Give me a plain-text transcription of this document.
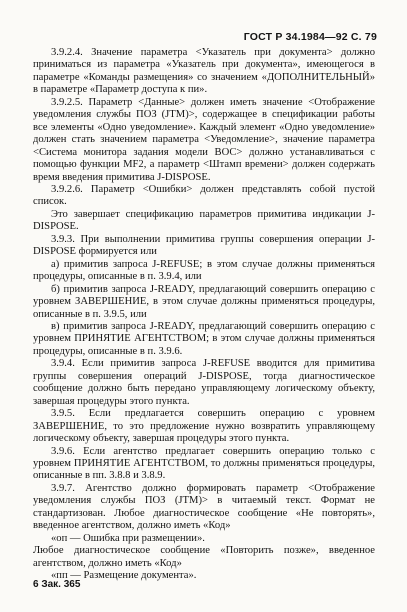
ГОСТ Р 34.1984—92 С. 79

3.9.2.4. Значение параметра <Указатель при документа> должно приниматься из параметра «Указатель при документа», имеющегося в параметре «Команды размещения» со значением «ДОПОЛНИТЕЛЬНЫЙ» в параметре «Параметр доступа к пи».

3.9.2.5. Параметр <Данные> должен иметь значение <Отображение уведомления службы ПОЗ (JTM)>, содержащее в спецификации работы все элементы «Одно уведомление». Каждый элемент «Одно уведомление» должен стать значением параметра <Уведомление>, значение параметра <Система монитора задания модели ВОС> должно устанавливаться с помощью функции MF2, а параметр <Штамп времени> должен содержать время введения примитива J-DISPOSE.

3.9.2.6. Параметр <Ошибки> должен представлять собой пустой список.

Это завершает спецификацию параметров примитива индикации J-DISPOSE.

3.9.3. При выполнении примитива группы совершения операции J-DISPOSE формируется или

а) примитив запроса J-REFUSE; в этом случае должны применяться процедуры, описанные в п. 3.9.4, или

б) примитив запроса J-READY, предлагающий совершить операцию с уровнем ЗАВЕРШЕНИЕ, в этом случае должны применяться процедуры, описанные в п. 3.9.5, или

в) примитив запроса J-READY, предлагающий совершить операцию с уровнем ПРИНЯТИЕ АГЕНТСТВОМ; в этом случае должны применяться процедуры, описанные в п. 3.9.6.

3.9.4. Если примитив запроса J-REFUSE вводится для примитива группы совершения операций J-DISPOSE, тогда диагностическое сообщение должно быть передано управляющему логическому объекту, завершая процедуры этого пункта.

3.9.5. Если предлагается совершить операцию с уровнем ЗАВЕРШЕНИЕ, то это предложение нужно возвратить управляющему логическому объекту, завершая процедуры этого пункта.

3.9.6. Если агентство предлагает совершить операцию только с уровнем ПРИНЯТИЕ АГЕНТСТВОМ, то должны применяться процедуры, описанные в пп. 3.8.8 и 3.8.9.

3.9.7. Агентство должно формировать параметр <Отображение уведомления службы ПОЗ (JTM)> в читаемый текст. Формат не стандартизован. Любое диагностическое сообщение «Не повторять», введенное агентством, должно иметь «Код»

«оп — Ошибка при размещении».

Любое диагностическое сообщение «Повторить позже», введенное агентством, должно иметь «Код»

«пп — Размещение документа».

6 Зак. 365
